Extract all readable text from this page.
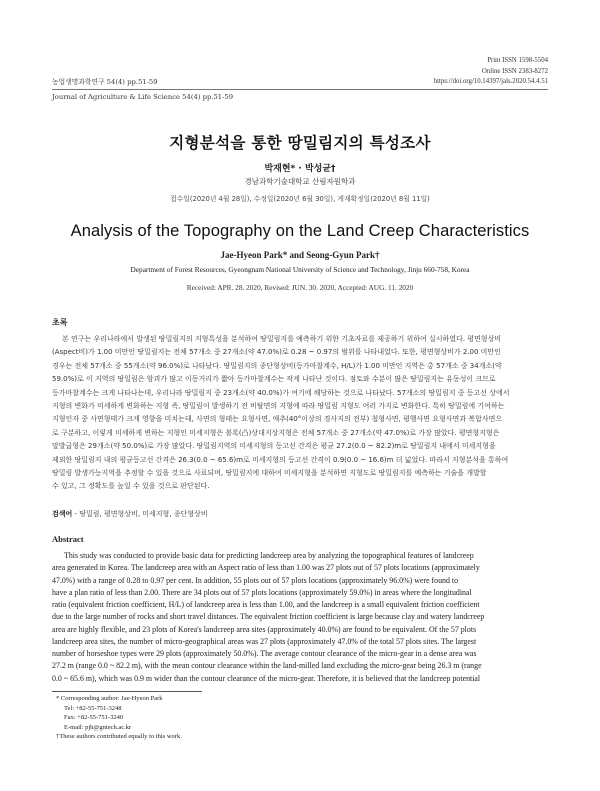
Print ISSN 1598-5504
Online ISSN 2383-8272
https://doi.org/10.14397/jals.2020.54.4.51
농업생명과학연구 54(4) pp.51-59
Journal of Agriculture & Life Science 54(4) pp.51-59
지형분석을 통한 땅밀림지의 특성조사
박재현* · 박성균†
경남과학기술대학교 산림자원학과
접수일(2020년 4월 28일), 수정일(2020년 6월 30일), 게재확정일(2020년 8월 11일)
Analysis of the Topography on the Land Creep Characteristics
Jae-Hyeon Park* and Seong-Gyun Park†
Department of Forest Resources, Gyeongnam National University of Science and Technology, Jinju 660-758, Korea
Received: APR. 28. 2020, Revised: JUN. 30. 2020, Accepted: AUG. 11. 2020
초록
본 연구는 우리나라에서 발생된 땅밀림지의 지형특성을 분석하여 땅밀림지를 예측하기 위한 기초자료를 제공하기 위하여 실시하였다. 평면형상비
(Aspect비)가 1.00 미만인 땅밀림지는 전체 57개소 중 27개소(약 47.0%)로 0.28 ~ 0.97의 범위를 나타내었다. 또한, 평면형상비가 2.00 미만인
경우는 전체 57개소 중 55개소(약 96.0%)로 나타났다. 땅밀림지의 종단형상비(등가마찰계수, H/L)가 1.00 미만인 지역은 총 57개소 중 34개소(약
59.0%)로 이 지역의 땅밀림은 암괴가 많고 이동거리가 짧아 등가마찰계수는 작게 나타난 것이다. 점토와 수분이 많은 땅밀림지는 유동성이 크므로
등가마찰계수는 크게 나타나는데, 우리나라 땅밀림지 중 23개소(약 40.0%)가 여기에 해당하는 것으로 나타났다. 57개소의 땅밀림지 중 등고선 상에서
지형의 변화가 미세하게 변화하는 지형 즉, 땅밀림이 발생하기 전 비탈면의 지형에 따라 땅밀림 지형도 여러 가지로 변화한다. 특히 땅밀림에 기여하는
지형인자 중 사면형태가 크게 영향을 미치는데, 사면의 형태는 요형사면, 애추(40°이상의 경사지의 전부) 철형사면, 평행사면 요형사면과 복합사면으
로 구분하고, 이렇게 미세하게 변하는 지형인 미세지형은 볼록(凸)상대지상지형은 전체 57개소 중 27개소(약 47.0%)로 가장 많았다. 평면형지형은
말발굽형은 29개소(약 50.0%)로 가장 많았다. 땅밀림지역의 미세지형의 등고선 간격은 평균 27.2(0.0 ~ 82.2)m로 땅밀림지 내에서 미세지형을
제외한 땅밀림지 내의 평균등고선 간격은 26.3(0.0 ~ 65.6)m로 미세지형의 등고선 간격이 0.9(0.0 ~ 16.6)m 더 넓었다. 따라서 지형분석을 통하여
땅밀림 발생가능지역을 추정할 수 있을 것으로 사료되며, 땅밀림지에 대하여 미세지형을 분석하면 지형도로 땅밀림지를 예측하는 기술을 개발할
수 있고, 그 정확도를 높일 수 있을 것으로 판단된다.
검색어 - 땅밀림, 평면형상비, 미세지형, 종단형상비
Abstract
This study was conducted to provide basic data for predicting landcreep area by analyzing the topographical features of landcreep
area generated in Korea. The landcreep area with an Aspect ratio of less than 1.00 was 27 plots out of 57 plots locations (approximately
47.0%) with a range of 0.28 to 0.97 per cent. In addition, 55 plots out of 57 plots locations (approximately 96.0%) were found to
have a plan ratio of less than 2.00. There are 34 plots out of 57 plots locations (approximately 59.0%) in areas where the longitudinal
ratio (equivalent friction coefficient, H/L) of landcreep area is less than 1.00, and the landcreep is a small equivalent friction coefficient
due to the large number of rocks and short travel distances. The equivalent friction coefficient is large because clay and watery landcreep
area are highly flexible, and 23 plots of Korea's landcreep area sites (approximately 40.0%) are found to be equivalent. Of the 57 plots
landcreep area sites, the number of micro-geographical areas was 27 plots (approximately 47.0% of the total 57 plots sites. The largest
number of horseshoe types were 29 plots (approximately 50.0%). The average contour clearance of the micro-gear in a dense area was
27.2 m (range 0.0 ~ 82.2 m), with the mean contour clearance within the land-milled land excluding the micro-gear being 26.3 m (range
0.0 ~ 65.6 m), which was 0.9 m wider than the contour clearance of the micro-gear. Therefore, it is believed that the landcreep potential
* Corresponding author: Jae-Hyeon Park
Tel: +82-55-751-3248
Fax: +82-55-751-3240
E-mail: pjh@gntech.ac.kr
†These authors contributed equally to this work.
